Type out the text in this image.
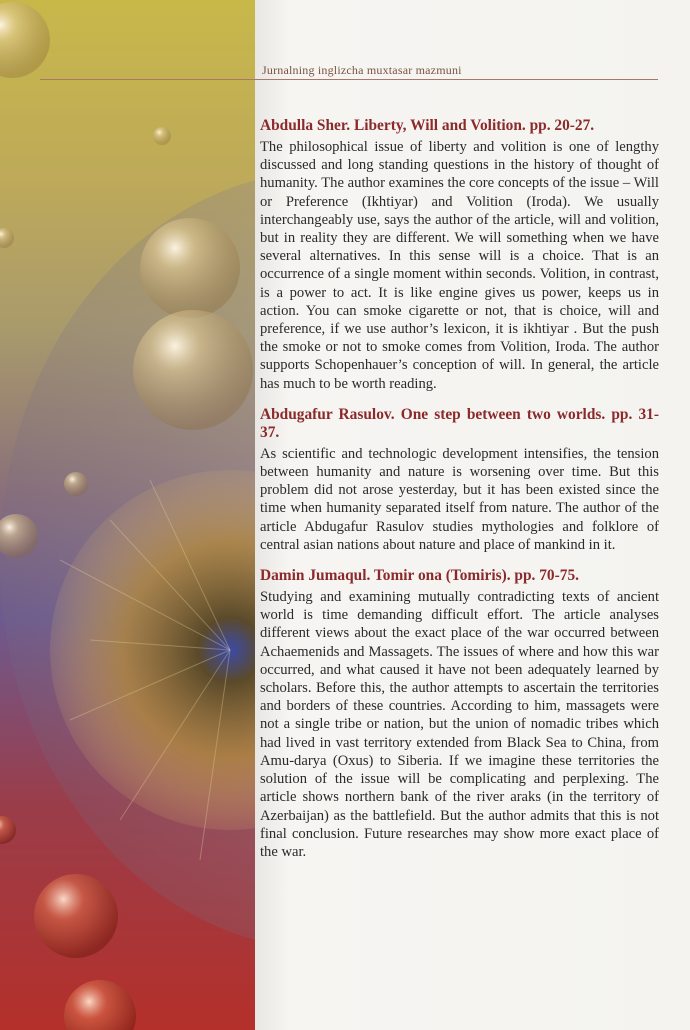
Jurnalning inglizcha muxtasar mazmuni

Abdulla Sher. Liberty, Will and Volition. pp. 20-27.

The philosophical issue of liberty and volition is one of lengthy discussed and long standing questions in the history of thought of humanity. The author examines the core concepts of the issue – Will or Preference (Ikhtiyar) and Volition (Iroda). We usually interchangeably use, says the author of the article, will and volition, but in reality they are different. We will something when we have several alternatives. In this sense will is a choice. That is an occurrence of a single moment within seconds. Volition, in contrast, is a power to act. It is like engine gives us power, keeps us in action. You can smoke cigarette or not, that is choice, will and preference, if we use author’s lexicon, it is ikhtiyar . But the push the smoke or not to smoke comes from Volition, Iroda. The author supports Schopenhauer’s conception of will. In general, the article has much to be worth reading.

Abdugafur Rasulov. One step between two worlds. pp. 31-37.

As scientific and technologic development intensifies, the tension between humanity and nature is worsening over time. But this problem did not arose yesterday, but it has been existed since the time when humanity separated itself from nature. The author of the article Abdugafur Rasulov studies mythologies and folklore of central asian nations about nature and place of mankind in it.

Damin Jumaqul. Tomir ona (Tomiris). pp. 70-75.

Studying and examining mutually contradicting texts of ancient world is time demanding difficult effort. The article analyses different views about the exact place of the war occurred between Achaemenids and Massagets. The issues of where and how this war occurred, and what caused it have not been adequately learned by scholars. Before this, the author attempts to ascertain the territories and borders of these countries. According to him, massagets were not a single tribe or nation, but the union of nomadic tribes which had lived in vast territory extended from Black Sea to China, from Amu-darya (Oxus) to Siberia. If we imagine these territories the solution of the issue will be complicating and perplexing. The article shows northern bank of the river araks (in the territory of Azerbaijan) as the battlefield. But the author admits that this is not final conclusion. Future researches may show more exact place of the war.
